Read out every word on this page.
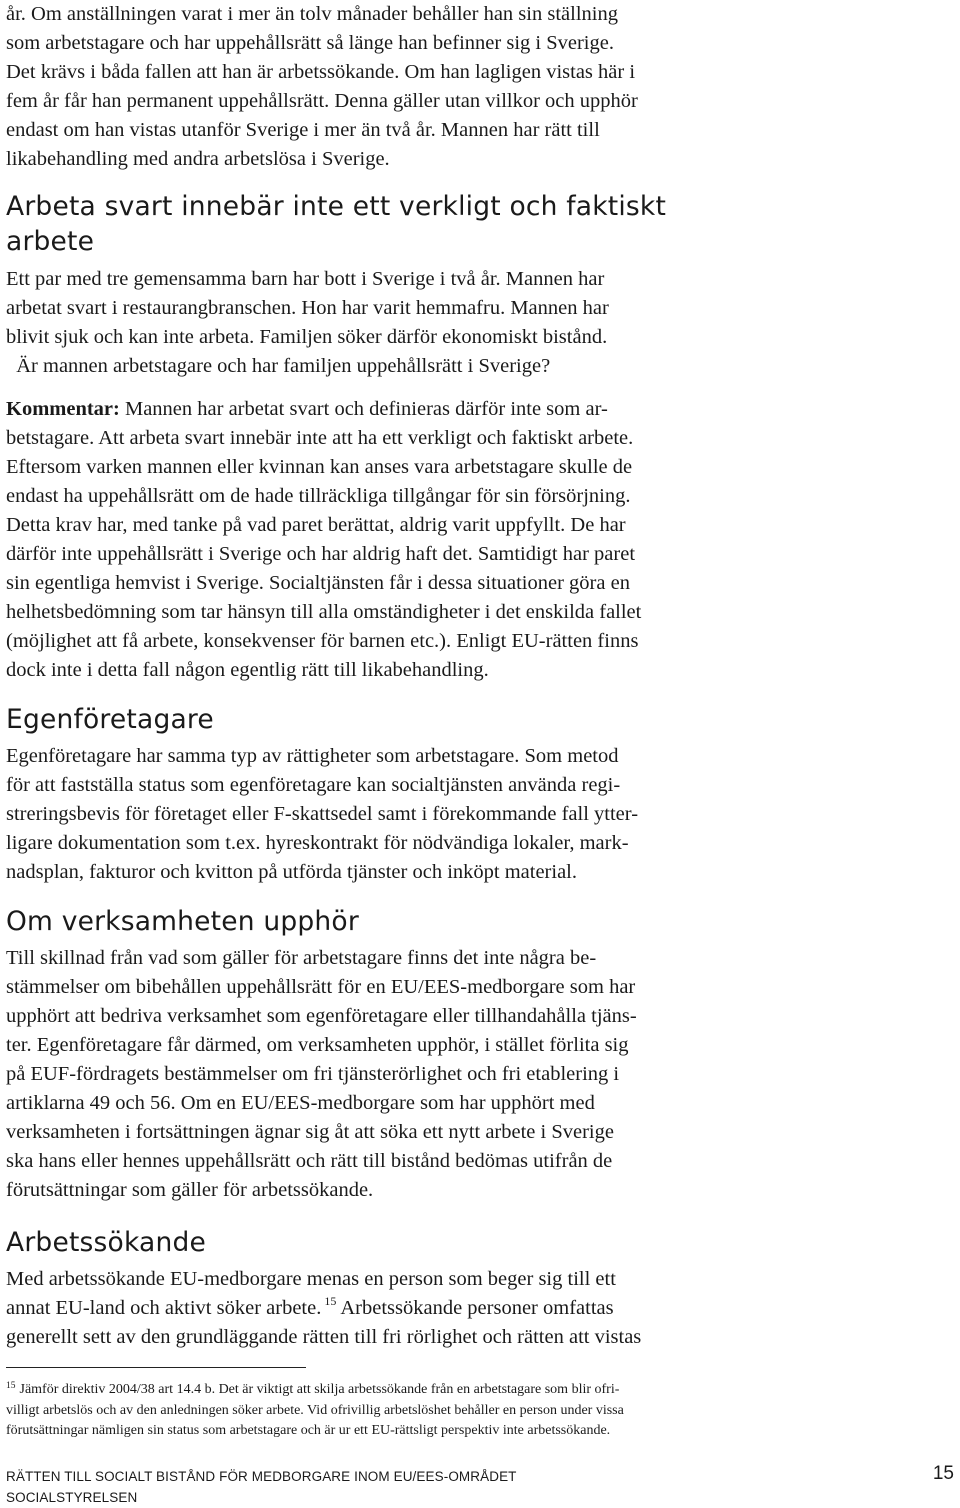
år. Om anställningen varat i mer än tolv månader behåller han sin ställning
som arbetstagare och har uppehållsrätt så länge han befinner sig i Sverige.
Det krävs i båda fallen att han är arbetssökande. Om han lagligen vistas här i
fem år får han permanent uppehållsrätt. Denna gäller utan villkor och upphör
endast om han vistas utanför Sverige i mer än två år. Mannen har rätt till
likabehandling med andra arbetslösa i Sverige.

Arbeta svart innebär inte ett verkligt och faktiskt
arbete

Ett par med tre gemensamma barn har bott i Sverige i två år. Mannen har
arbetat svart i restaurangbranschen. Hon har varit hemmafru. Mannen har
blivit sjuk och kan inte arbeta. Familjen söker därför ekonomiskt bistånd.
Är mannen arbetstagare och har familjen uppehållsrätt i Sverige?

Kommentar: Mannen har arbetat svart och definieras därför inte som ar-
betstagare. Att arbeta svart innebär inte att ha ett verkligt och faktiskt arbete.
Eftersom varken mannen eller kvinnan kan anses vara arbetstagare skulle de
endast ha uppehållsrätt om de hade tillräckliga tillgångar för sin försörjning.
Detta krav har, med tanke på vad paret berättat, aldrig varit uppfyllt. De har
därför inte uppehållsrätt i Sverige och har aldrig haft det. Samtidigt har paret
sin egentliga hemvist i Sverige. Socialtjänsten får i dessa situationer göra en
helhetsbedömning som tar hänsyn till alla omständigheter i det enskilda fallet
(möjlighet att få arbete, konsekvenser för barnen etc.). Enligt EU-rätten finns
dock inte i detta fall någon egentlig rätt till likabehandling.

Egenföretagare

Egenföretagare har samma typ av rättigheter som arbetstagare. Som metod
för att fastställa status som egenföretagare kan socialtjänsten använda regi-
streringsbevis för företaget eller F-skattsedel samt i förekommande fall ytter-
ligare dokumentation som t.ex. hyreskontrakt för nödvändiga lokaler, mark-
nadsplan, fakturor och kvitton på utförda tjänster och inköpt material.

Om verksamheten upphör

Till skillnad från vad som gäller för arbetstagare finns det inte några be-
stämmelser om bibehållen uppehållsrätt för en EU/EES-medborgare som har
upphört att bedriva verksamhet som egenföretagare eller tillhandahålla tjäns-
ter. Egenföretagare får därmed, om verksamheten upphör, i stället förlita sig
på EUF-fördragets bestämmelser om fri tjänsterörlighet och fri etablering i
artiklarna 49 och 56. Om en EU/EES-medborgare som har upphört med
verksamheten i fortsättningen ägnar sig åt att söka ett nytt arbete i Sverige
ska hans eller hennes uppehållsrätt och rätt till bistånd bedömas utifrån de
förutsättningar som gäller för arbetssökande.

Arbetssökande

Med arbetssökande EU-medborgare menas en person som beger sig till ett
annat EU-land och aktivt söker arbete. $^{15}$ Arbetssökande personer omfattas
generellt sett av den grundläggande rätten till fri rörlighet och rätten att vistas

$^{15}$ Jämför direktiv 2004/38 art 14.4 b. Det är viktigt att skilja arbetssökande från en arbetstagare som blir ofri-
villigt arbetslös och av den anledningen söker arbete. Vid ofrivillig arbetslöshet behåller en person under vissa
förutsättningar nämligen sin status som arbetstagare och är ur ett EU-rättsligt perspektiv inte arbetssökande.

RÄTTEN TILL SOCIALT BISTÅND FÖR MEDBORGARE INOM EU/EES-OMRÅDET
SOCIALSTYRELSEN
15
